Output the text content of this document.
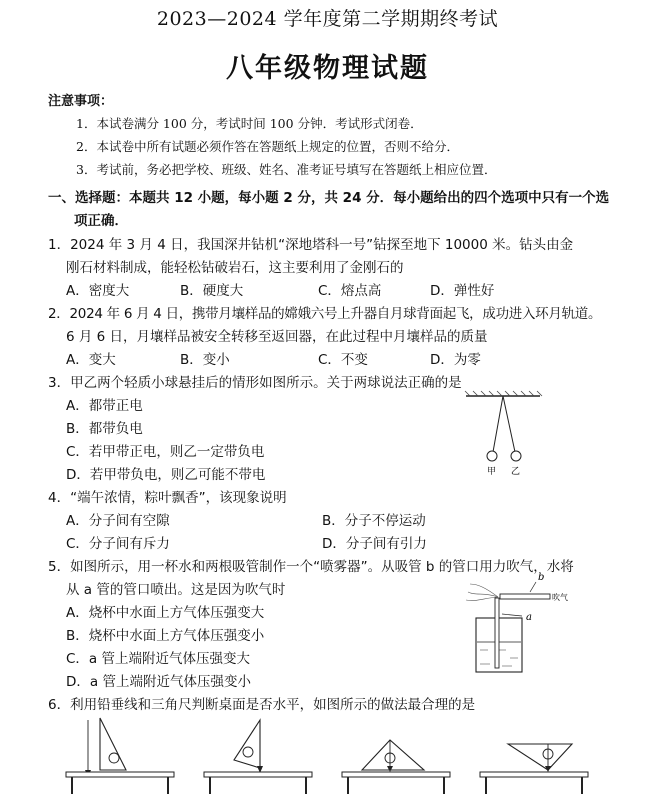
2023—2024 学年度第二学期期终考试
八年级物理试题
注意事项：
1．本试卷满分 100 分，考试时间 100 分钟．考试形式闭卷．
2．本试卷中所有试题必须作答在答题纸上规定的位置，否则不给分．
3．考试前，务必把学校、班级、姓名、准考证号填写在答题纸上相应位置．
一、选择题：本题共 12 小题，每小题 2 分，共 24 分．每小题给出的四个选项中只有一个选
项正确．
1．2024 年 3 月 4 日，我国深井钻机“深地塔科一号”钻探至地下 10000 米。钻头由金
刚石材料制成，能轻松钻破岩石，这主要利用了金刚石的
A．密度大	B．硬度大	C．熔点高	D．弹性好
2．2024 年 6 月 4 日，携带月壤样品的嫦娥六号上升器自月球背面起飞，成功进入环月轨道。
6 月 6 日，月壤样品被安全转移至返回器，在此过程中月壤样品的质量
A．变大	B．变小	C．不变	D．为零
3．甲乙两个轻质小球悬挂后的情形如图所示。关于两球说法正确的是
A．都带正电
B．都带负电
C．若甲带正电，则乙一定带负电
D．若甲带负电，则乙可能不带电	甲 乙
4．“端午浓情，粽叶飘香”，该现象说明
A．分子间有空隙	B．分子不停运动
C．分子间有斥力	D．分子间有引力
5．如图所示，用一杯水和两根吸管制作一个“喷雾器”。从吸管 b 的管口用力吹气，水将
从 a 管的管口喷出。这是因为吹气时
A．烧杯中水面上方气体压强变大
B．烧杯中水面上方气体压强变小
C．a 管上端附近气体压强变大
D．a 管上端附近气体压强变小
b
a
吹气
6．利用铅垂线和三角尺判断桌面是否水平，如图所示的做法最合理的是
